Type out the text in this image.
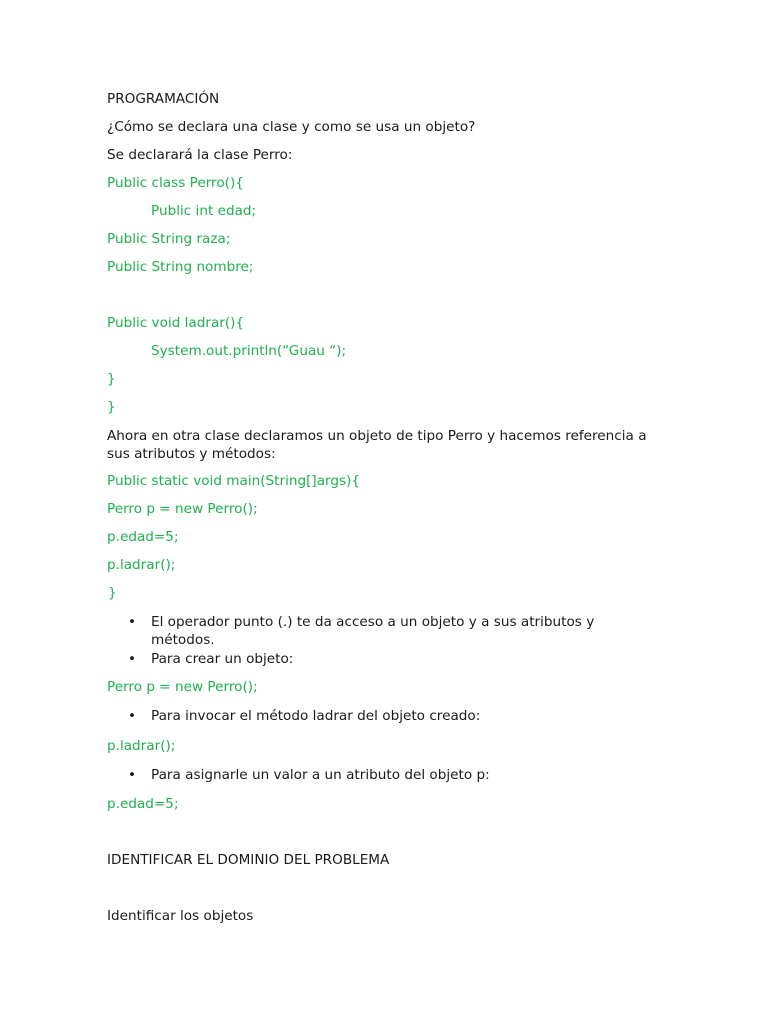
PROGRAMACIÓN
¿Cómo se declara una clase y como se usa un objeto?
Se declarará la clase Perro:
Public class Perro(){
Public int edad;
Public String raza;
Public String nombre;
Public void ladrar(){
System.out.println(“Guau “);
}
}
Ahora en otra clase declaramos un objeto de tipo Perro y hacemos referencia a sus atributos y métodos:
Public static void main(String[]args){
Perro p = new Perro();
p.edad=5;
p.ladrar();
}
• El operador punto (.) te da acceso a un objeto y a sus atributos y métodos.
• Para crear un objeto:
Perro p = new Perro();
• Para invocar el método ladrar del objeto creado:
p.ladrar();
• Para asignarle un valor a un atributo del objeto p:
p.edad=5;
IDENTIFICAR EL DOMINIO DEL PROBLEMA
Identificar los objetos
